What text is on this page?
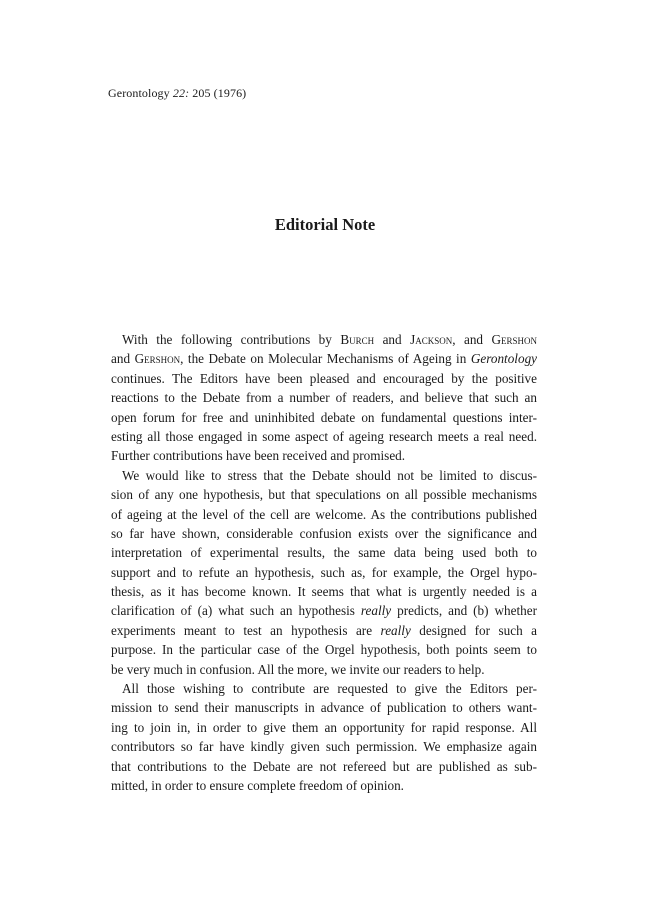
Gerontology 22: 205 (1976)
Editorial Note
With the following contributions by Burch and Jackson, and Gershon
and Gershon, the Debate on Molecular Mechanisms of Ageing in Gerontology
continues. The Editors have been pleased and encouraged by the positive
reactions to the Debate from a number of readers, and believe that such an
open forum for free and uninhibited debate on fundamental questions inter-
esting all those engaged in some aspect of ageing research meets a real need.
Further contributions have been received and promised.
We would like to stress that the Debate should not be limited to discus-
sion of any one hypothesis, but that speculations on all possible mechanisms
of ageing at the level of the cell are welcome. As the contributions published
so far have shown, considerable confusion exists over the significance and
interpretation of experimental results, the same data being used both to
support and to refute an hypothesis, such as, for example, the Orgel hypo-
thesis, as it has become known. It seems that what is urgently needed is a
clarification of (a) what such an hypothesis really predicts, and (b) whether
experiments meant to test an hypothesis are really designed for such a
purpose. In the particular case of the Orgel hypothesis, both points seem to
be very much in confusion. All the more, we invite our readers to help.
All those wishing to contribute are requested to give the Editors per-
mission to send their manuscripts in advance of publication to others want-
ing to join in, in order to give them an opportunity for rapid response. All
contributors so far have kindly given such permission. We emphasize again
that contributions to the Debate are not refereed but are published as sub-
mitted, in order to ensure complete freedom of opinion.
